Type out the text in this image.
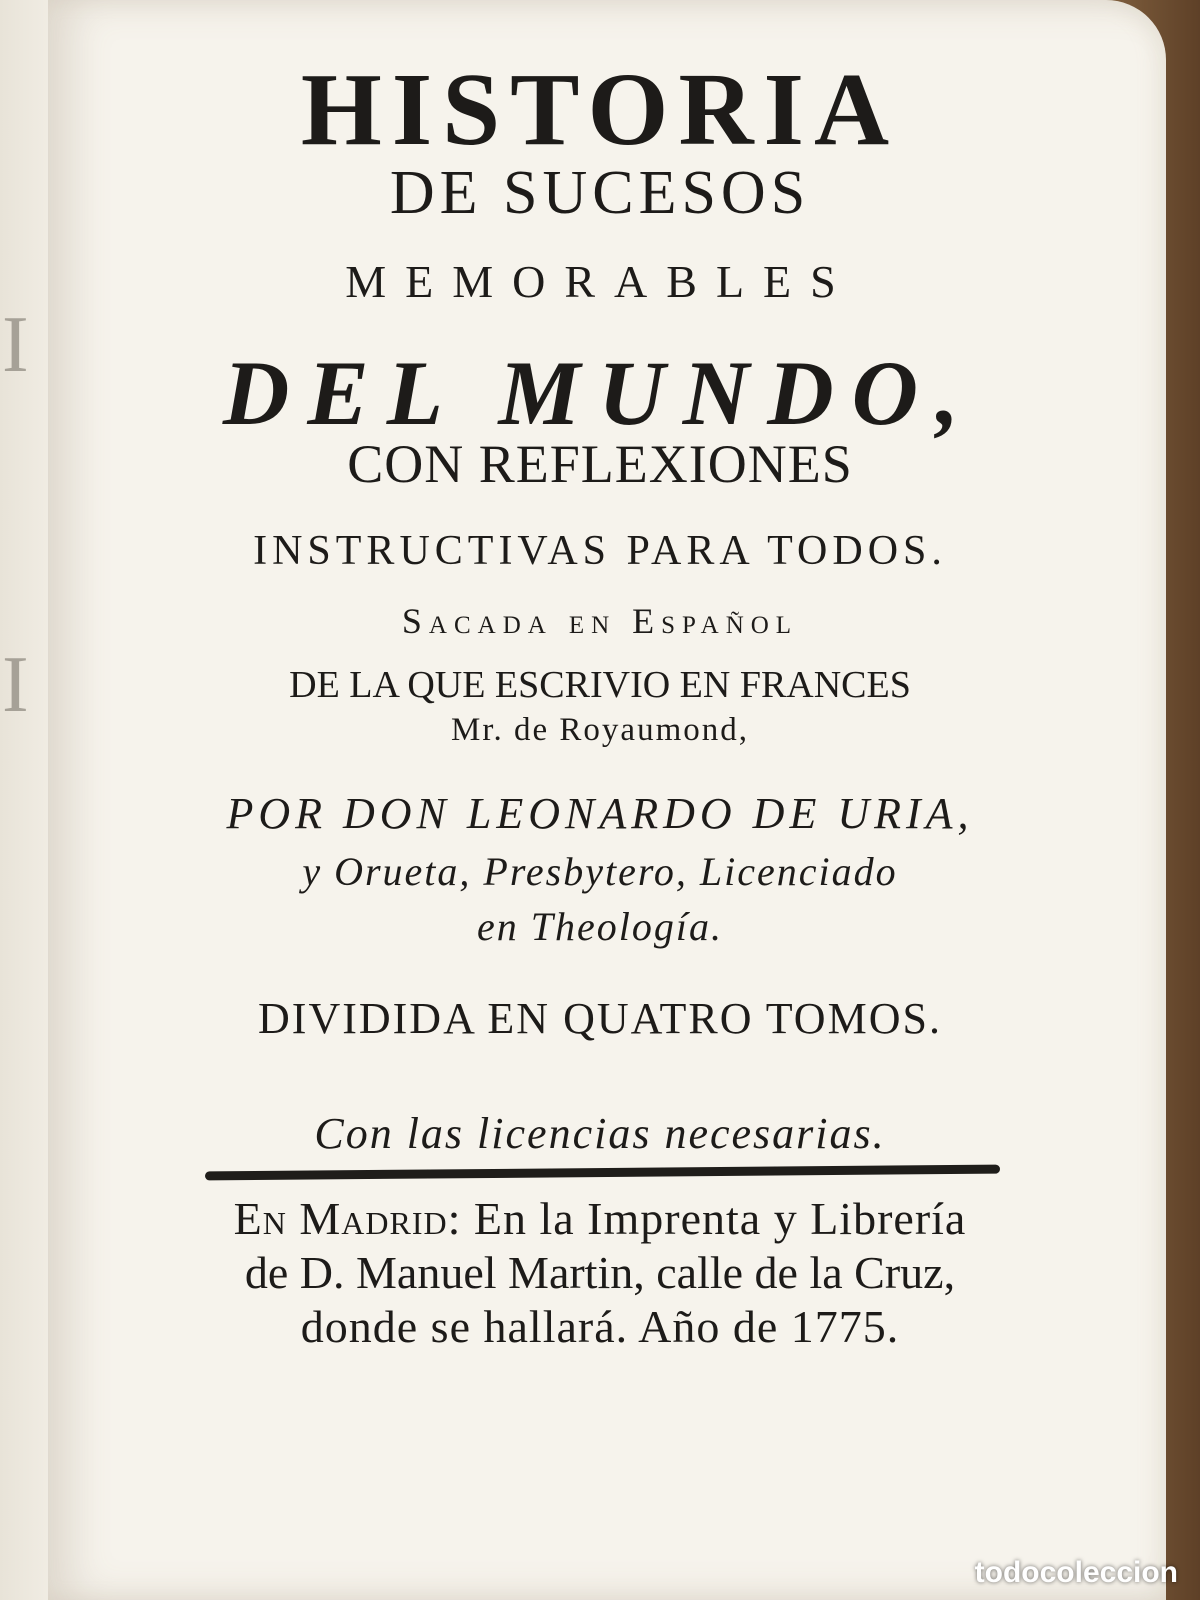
I
I

HISTORIA

DE SUCESOS

MEMORABLES

DEL MUNDO,

CON REFLEXIONES

INSTRUCTIVAS PARA TODOS.

Sacada en Español

DE LA QUE ESCRIVIO EN FRANCES

Mr. de Royaumond,

POR DON LEONARDO DE URIA,

y Orueta, Presbytero, Licenciado

en Theología.

DIVIDIDA EN QUATRO TOMOS.

Con las licencias necesarias.

En Madrid: En la Imprenta y Librería

de D. Manuel Martin, calle de la Cruz,

donde se hallará. Año de 1775.

todocoleccion
